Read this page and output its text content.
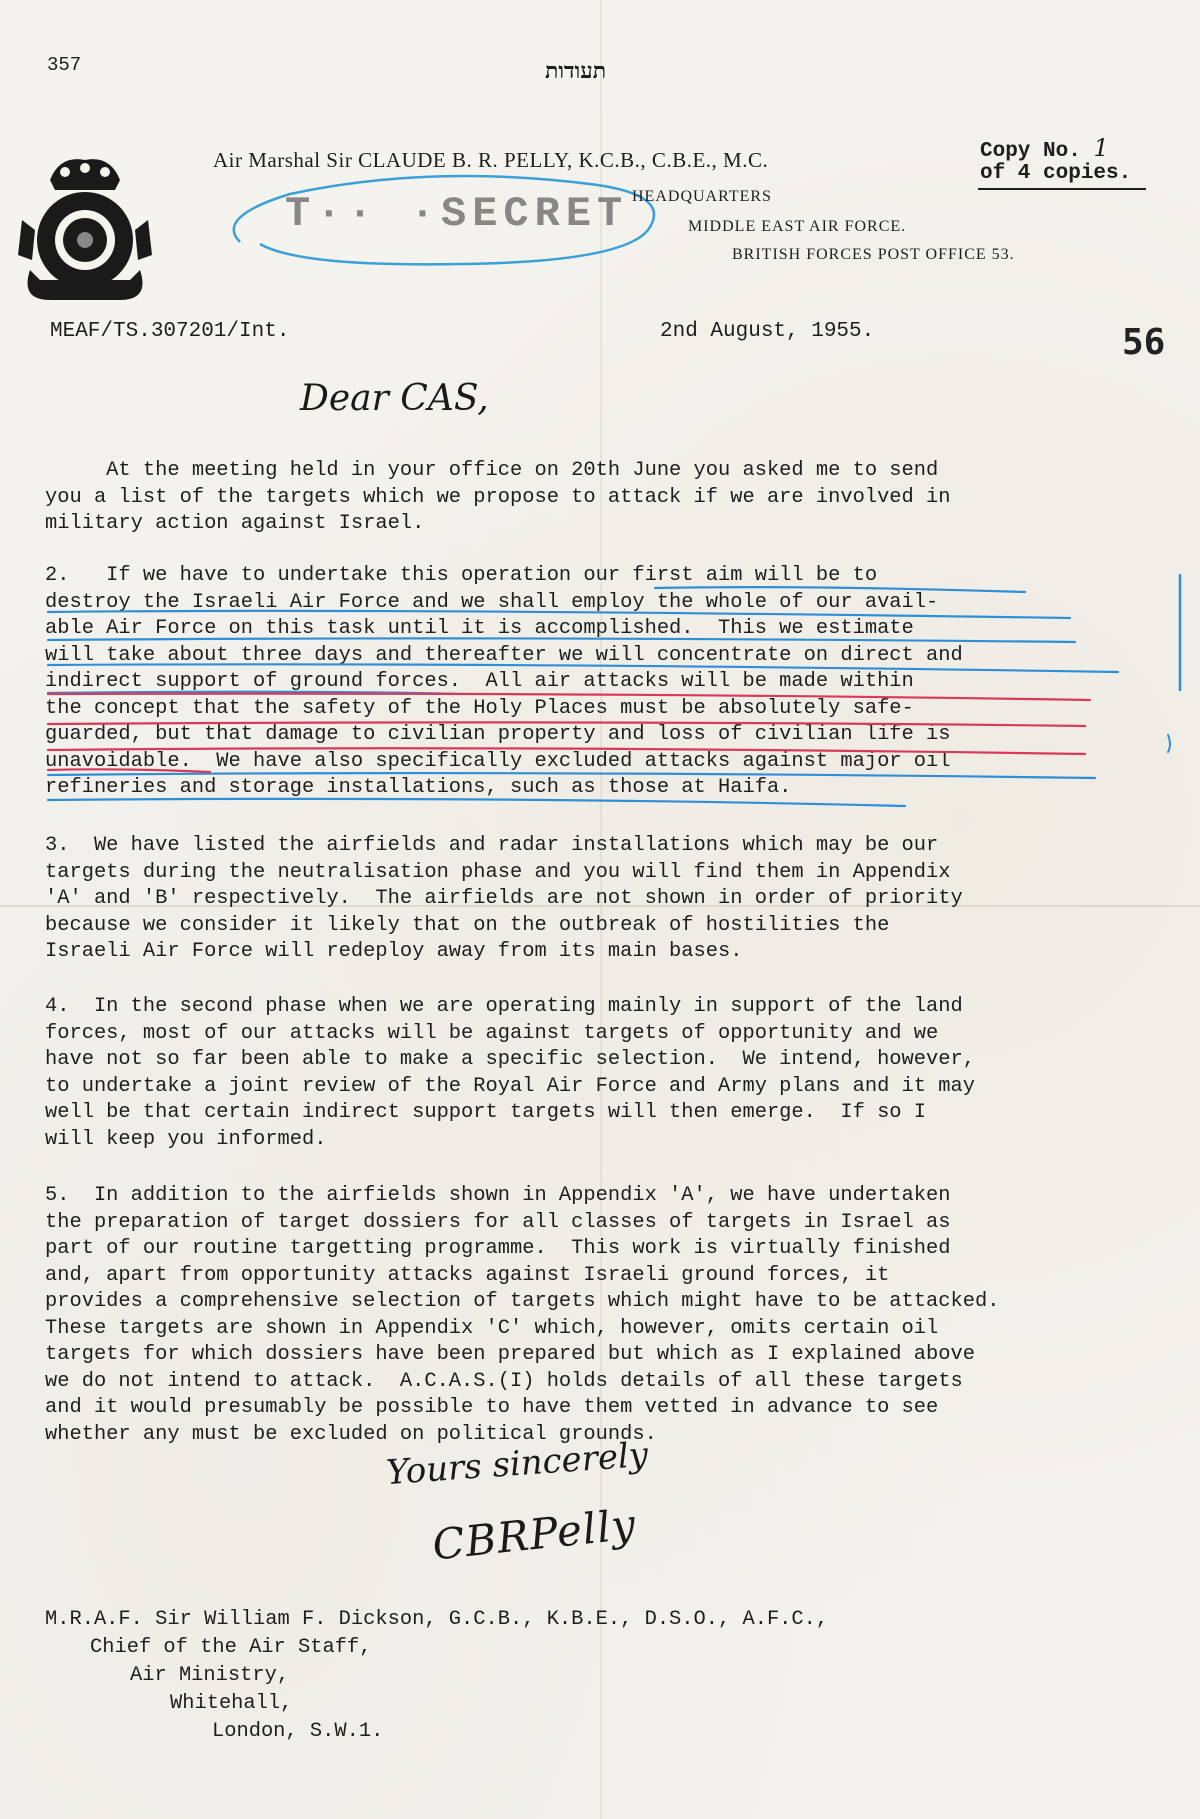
357	תעודות
Air Marshal Sir CLAUDE B. R. PELLY, K.C.B., C.B.E., M.C.
T·· ·SECRET HEADQUARTERS
MIDDLE EAST AIR FORCE.
BRITISH FORCES POST OFFICE 53.
Copy No. 1
of 4 copies.
MEAF/TS.307201/Int.	2nd August, 1955.	56
Dear CAS,
At the meeting held in your office on 20th June you asked me to send
you a list of the targets which we propose to attack if we are involved in
military action against Israel.
2.   If we have to undertake this operation our first aim will be to
destroy the Israeli Air Force and we shall employ the whole of our avail-
able Air Force on this task until it is accomplished.  This we estimate
will take about three days and thereafter we will concentrate on direct and
indirect support of ground forces.  All air attacks will be made within
the concept that the safety of the Holy Places must be absolutely safe-
guarded, but that damage to civilian property and loss of civilian life is
unavoidable.  We have also specifically excluded attacks against major oil
refineries and storage installations, such as those at Haifa.
3.  We have listed the airfields and radar installations which may be our
targets during the neutralisation phase and you will find them in Appendix
'A' and 'B' respectively.  The airfields are not shown in order of priority
because we consider it likely that on the outbreak of hostilities the
Israeli Air Force will redeploy away from its main bases.
4.  In the second phase when we are operating mainly in support of the land
forces, most of our attacks will be against targets of opportunity and we
have not so far been able to make a specific selection.  We intend, however,
to undertake a joint review of the Royal Air Force and Army plans and it may
well be that certain indirect support targets will then emerge.  If so I
will keep you informed.
5.  In addition to the airfields shown in Appendix 'A', we have undertaken
the preparation of target dossiers for all classes of targets in Israel as
part of our routine targetting programme.  This work is virtually finished
and, apart from opportunity attacks against Israeli ground forces, it
provides a comprehensive selection of targets which might have to be attacked.
These targets are shown in Appendix 'C' which, however, omits certain oil
targets for which dossiers have been prepared but which as I explained above
we do not intend to attack.  A.C.A.S.(I) holds details of all these targets
and it would presumably be possible to have them vetted in advance to see
whether any must be excluded on political grounds.
Yours sincerely
CBRPelly
M.R.A.F. Sir William F. Dickson, G.C.B., K.B.E., D.S.O., A.F.C.,
Chief of the Air Staff,
Air Ministry,
Whitehall,
London, S.W.1.
